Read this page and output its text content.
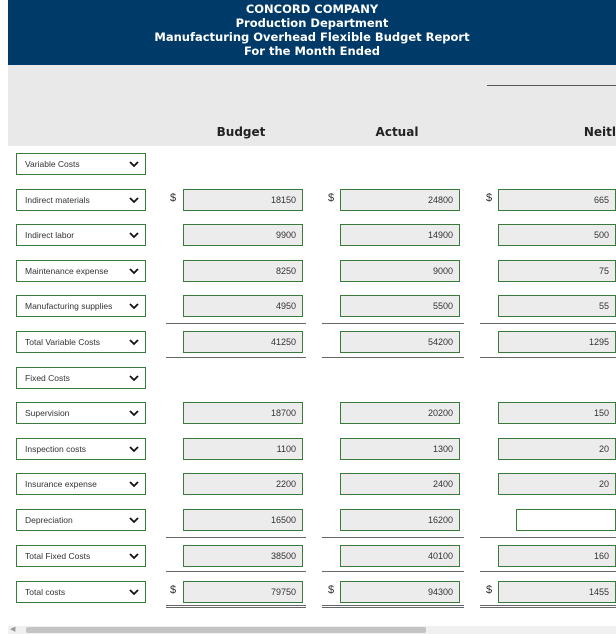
CONCORD COMPANY
Production Department
Manufacturing Overhead Flexible Budget Report
For the Month Ended
Budget	Actual	Neitl
Variable Costs
Indirect materials	$	18150	$	24800	$	665
Indirect labor	9900	14900	500
Maintenance expense	8250	9000	75
Manufacturing supplies	4950	5500	55
Total Variable Costs	41250	54200	1295
Fixed Costs
Supervision	18700	20200	150
Inspection costs	1100	1300	20
Insurance expense	2200	2400	20
Depreciation	16500	16200
Total Fixed Costs	38500	40100	160
Total costs	$	79750	$	94300	$	1455
◀
